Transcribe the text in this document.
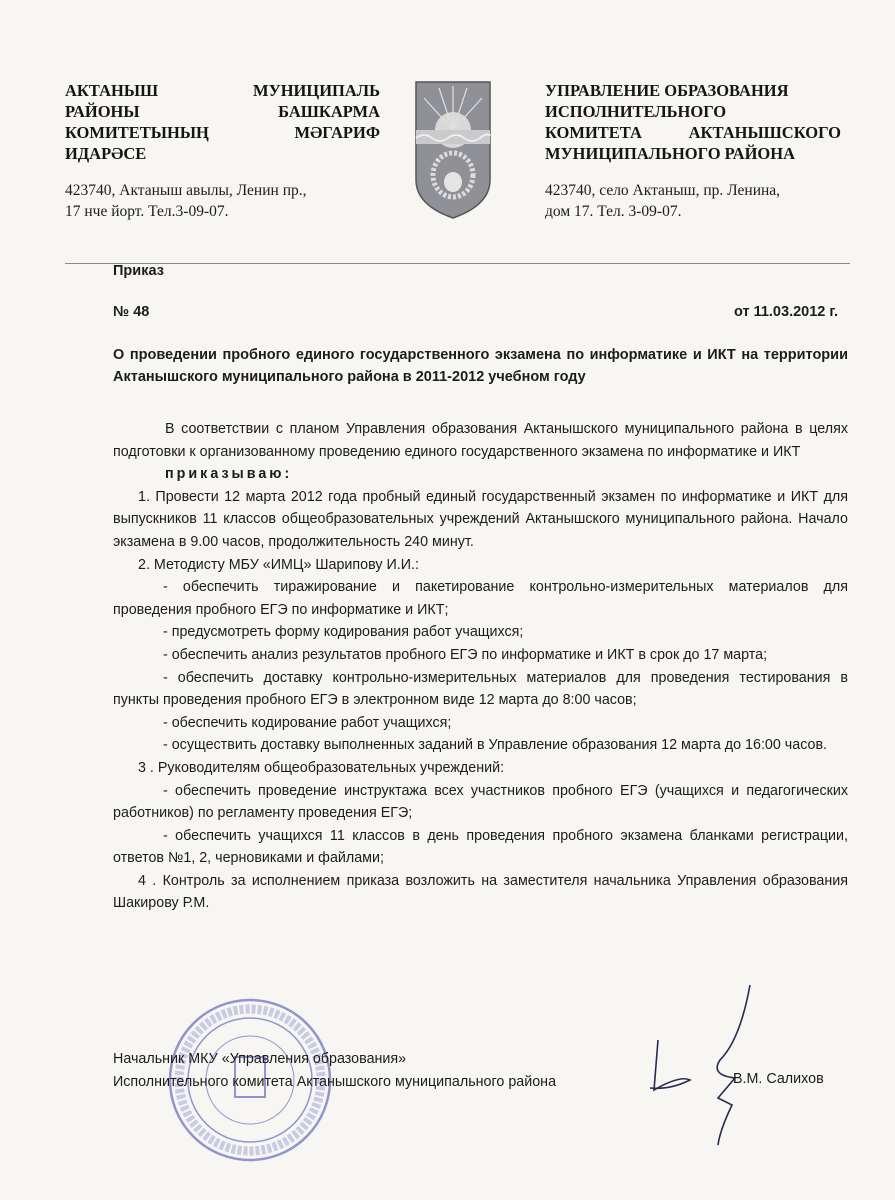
АКТАНЫШ	МУНИЦИПАЛЬ
РАЙОНЫ	БАШКАРМА
КОМИТЕТЫНЫҢ	МӘГАРИФ
ИДАРӘСЕ
423740, Актаныш авылы, Ленин пр.,
17 нче йорт. Тел.3-09-07.
УПРАВЛЕНИЕ ОБРАЗОВАНИЯ
ИСПОЛНИТЕЛЬНОГО
КОМИТЕТА	АКТАНЫШСКОГО
МУНИЦИПАЛЬНОГО РАЙОНА
423740, село Актаныш, пр. Ленина,
дом 17. Тел. 3-09-07.
Приказ
№ 48	от 11.03.2012 г.
О проведении пробного единого государственного экзамена по информатике и ИКТ на территории Актанышского муниципального района в 2011-2012 учебном году

В соответствии с планом Управления образования Актанышского муниципального района в целях подготовки к организованному проведению единого государственного экзамена по информатике и ИКТ

приказываю:

1. Провести 12 марта 2012 года пробный единый государственный экзамен по информатике и ИКТ для выпускников 11 классов общеобразовательных учреждений Актанышского муниципального района. Начало экзамена в 9.00 часов, продолжительность 240 минут.

2. Методисту МБУ «ИМЦ» Шарипову И.И.:

- обеспечить тиражирование и пакетирование контрольно-измерительных материалов для проведения пробного ЕГЭ по информатике и ИКТ;

- предусмотреть форму кодирования работ учащихся;

- обеспечить анализ результатов пробного ЕГЭ по информатике и ИКТ в срок до 17 марта;

- обеспечить доставку контрольно-измерительных материалов для проведения тестирования в пункты проведения пробного ЕГЭ в электронном виде 12 марта до 8:00 часов;

- обеспечить кодирование работ учащихся;

- осуществить доставку выполненных заданий в Управление образования 12 марта до 16:00 часов.

3 . Руководителям общеобразовательных учреждений:

- обеспечить проведение инструктажа всех участников пробного ЕГЭ (учащихся и педагогических работников) по регламенту проведения ЕГЭ;

- обеспечить учащихся 11 классов в день проведения пробного экзамена бланками регистрации, ответов №1, 2, черновиками и файлами;

4 . Контроль за исполнением приказа возложить на заместителя начальника Управления образования Шакирову Р.М.

Начальник МКУ «Управления образования»
Исполнительного комитета Актанышского муниципального района	В.М. Салихов
